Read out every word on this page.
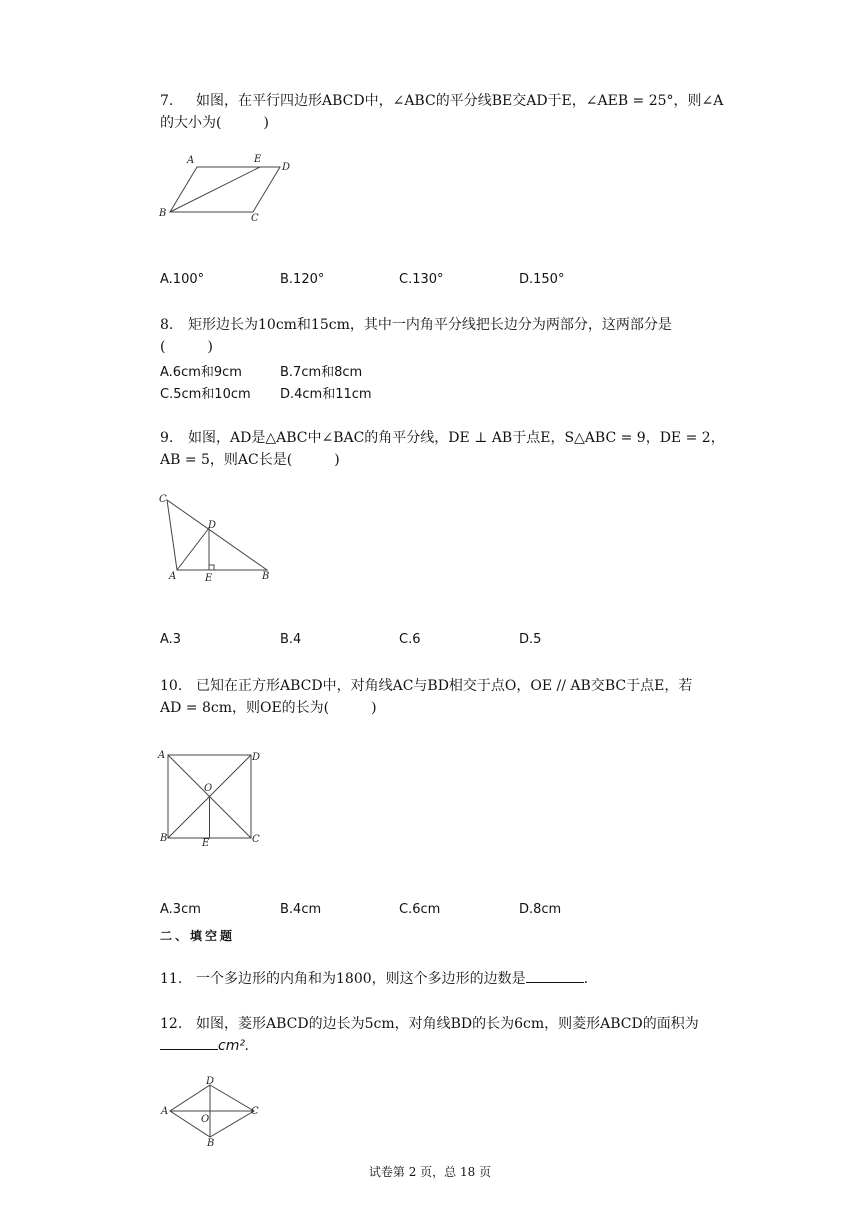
7. 如图，在平行四边形ABCD中，∠ABC的平分线BE交AD于E，∠AEB = 25°，则∠A
的大小为(　　　)
A	E
D
B	C
A.100°	B.120°	C.130°	D.150°
8. 矩形边长为10cm和15cm，其中一内角平分线把长边分为两部分，这两部分是
(　　　)
A.6cm和9cm	B.7cm和8cm
C.5cm和10cm D.4cm和11cm
9. 如图，AD是△ABC中∠BAC的角平分线，DE ⊥ AB于点E，S△ABC = 9，DE = 2，
AB = 5，则AC长是(　　　)
C
D
A	E	B
A.3	B.4	C.6	D.5
10. 已知在正方形ABCD中，对角线AC与BD相交于点O，OE // AB交BC于点E，若
AD = 8cm，则OE的长为(　　　)
A	D
O
B	E	C
A.3cm	B.4cm	C.6cm	D.8cm
二、填空题
11. 一个多边形的内角和为1800，则这个多边形的边数是	.
12. 如图，菱形ABCD的边长为5cm，对角线BD的长为6cm，则菱形ABCD的面积为
cm².
D
A
O
C
B
试卷第 2 页，总 18 页
